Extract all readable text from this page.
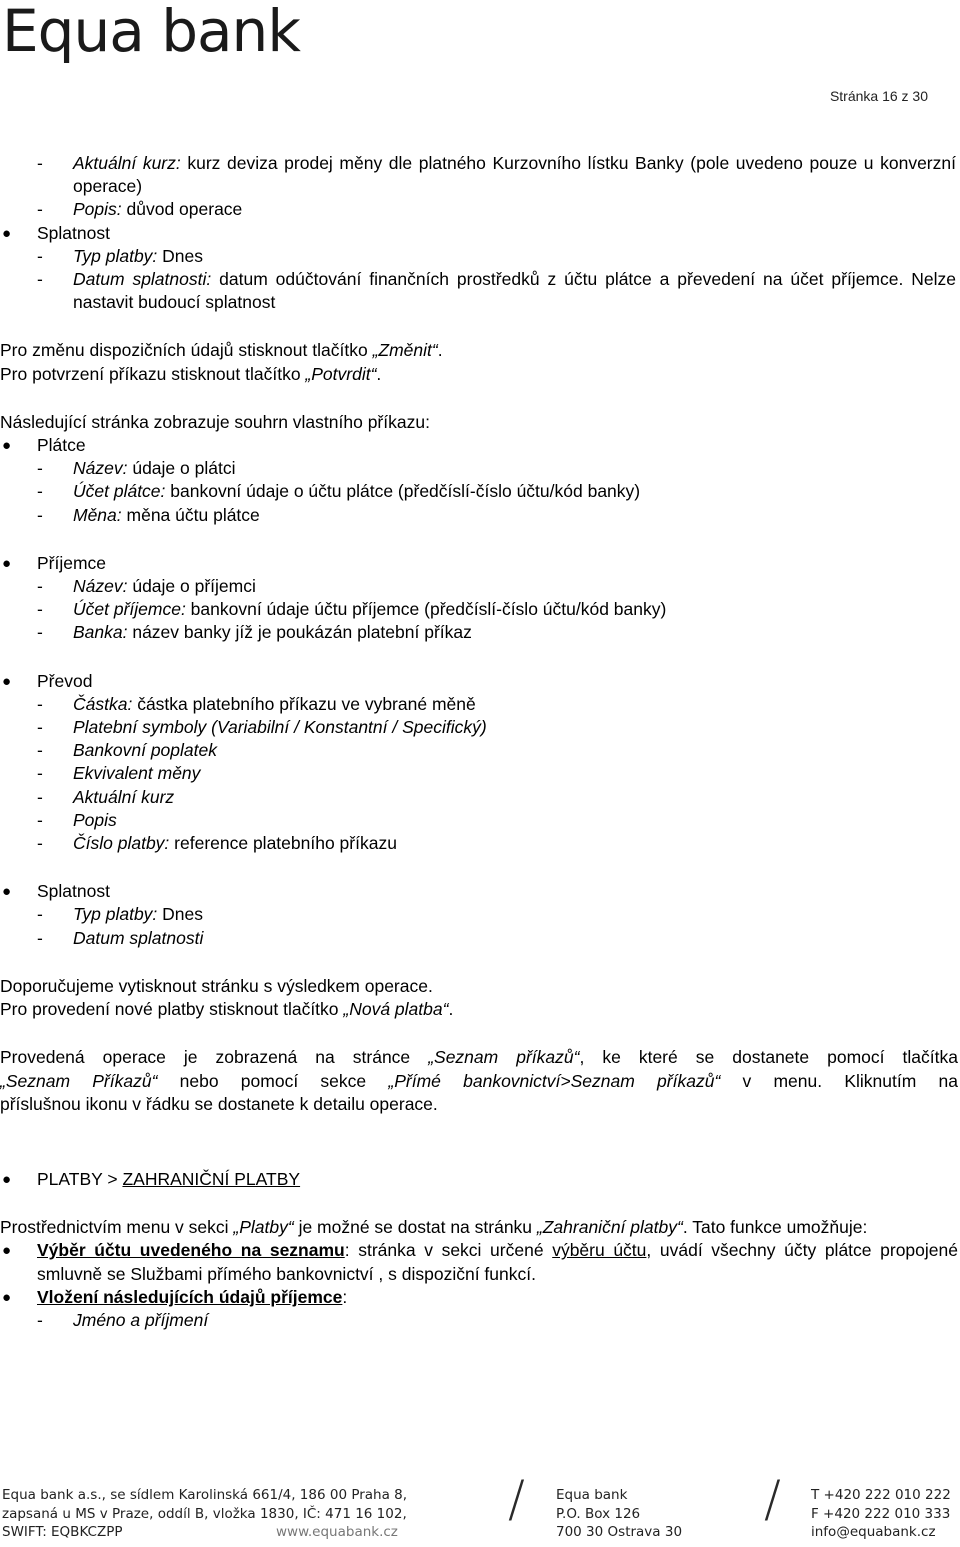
Equa bank
Stránka 16 z 30
-	Aktuální kurz: kurz deviza prodej měny dle platného Kurzovního lístku Banky (pole uvedeno pouze u konverzní operace)
-	Popis: důvod operace
●	Splatnost
-	Typ platby: Dnes
-	Datum splatnosti: datum odúčtování finančních prostředků z účtu plátce a převedení na účet příjemce. Nelze nastavit budoucí splatnost

Pro změnu dispozičních údajů stisknout tlačítko „Změnit“.

Pro potvrzení příkazu stisknout tlačítko „Potvrdit“.

Následující stránka zobrazuje souhrn vlastního příkazu:

●	Plátce
-	Název: údaje o plátci
-	Účet plátce: bankovní údaje o účtu plátce (předčíslí-číslo účtu/kód banky)
-	Měna: měna účtu plátce
●	Příjemce
-	Název: údaje o příjemci
-	Účet příjemce: bankovní údaje účtu příjemce (předčíslí-číslo účtu/kód banky)
-	Banka: název banky jíž je poukázán platební příkaz
●	Převod
-	Částka: částka platebního příkazu ve vybrané měně
-	Platební symboly (Variabilní / Konstantní / Specifický)
-	Bankovní poplatek
-	Ekvivalent měny
-	Aktuální kurz
-	Popis
-	Číslo platby: reference platebního příkazu
●	Splatnost
-	Typ platby: Dnes
-	Datum splatnosti

Doporučujeme vytisknout stránku s výsledkem operace.

Pro provedení nové platby stisknout tlačítko „Nová platba“.

Provedená operace je zobrazená na stránce „Seznam příkazů“, ke které se dostanete pomocí tlačítka

„Seznam Příkazů“ nebo pomocí sekce „Přímé bankovnictví>Seznam příkazů“ v menu. Kliknutím na

příslušnou ikonu v řádku se dostanete k detailu operace.

●	PLATBY > ZAHRANIČNÍ PLATBY

Prostřednictvím menu v sekci „Platby“ je možné se dostat na stránku „Zahraniční platby“. Tato funkce umožňuje:

●	Výběr účtu uvedeného na seznamu: stránka v sekci určené výběru účtu, uvádí všechny účty plátce propojené smluvně se Službami přímého bankovnictví , s dispoziční funkcí.
●	Vložení následujících údajů příjemce:
-	Jméno a příjmení
Equa bank a.s., se sídlem Karolinská 661/4, 186 00 Praha 8,
zapsaná u MS v Praze, oddíl B, vložka 1830, IČ: 471 16 102,
SWIFT: EQBKCZPP	www.equabank.cz
/ Equa bank
P.O. Box 126
700 30 Ostrava 30
/ T +420 222 010 222
F +420 222 010 333
info@equabank.cz
